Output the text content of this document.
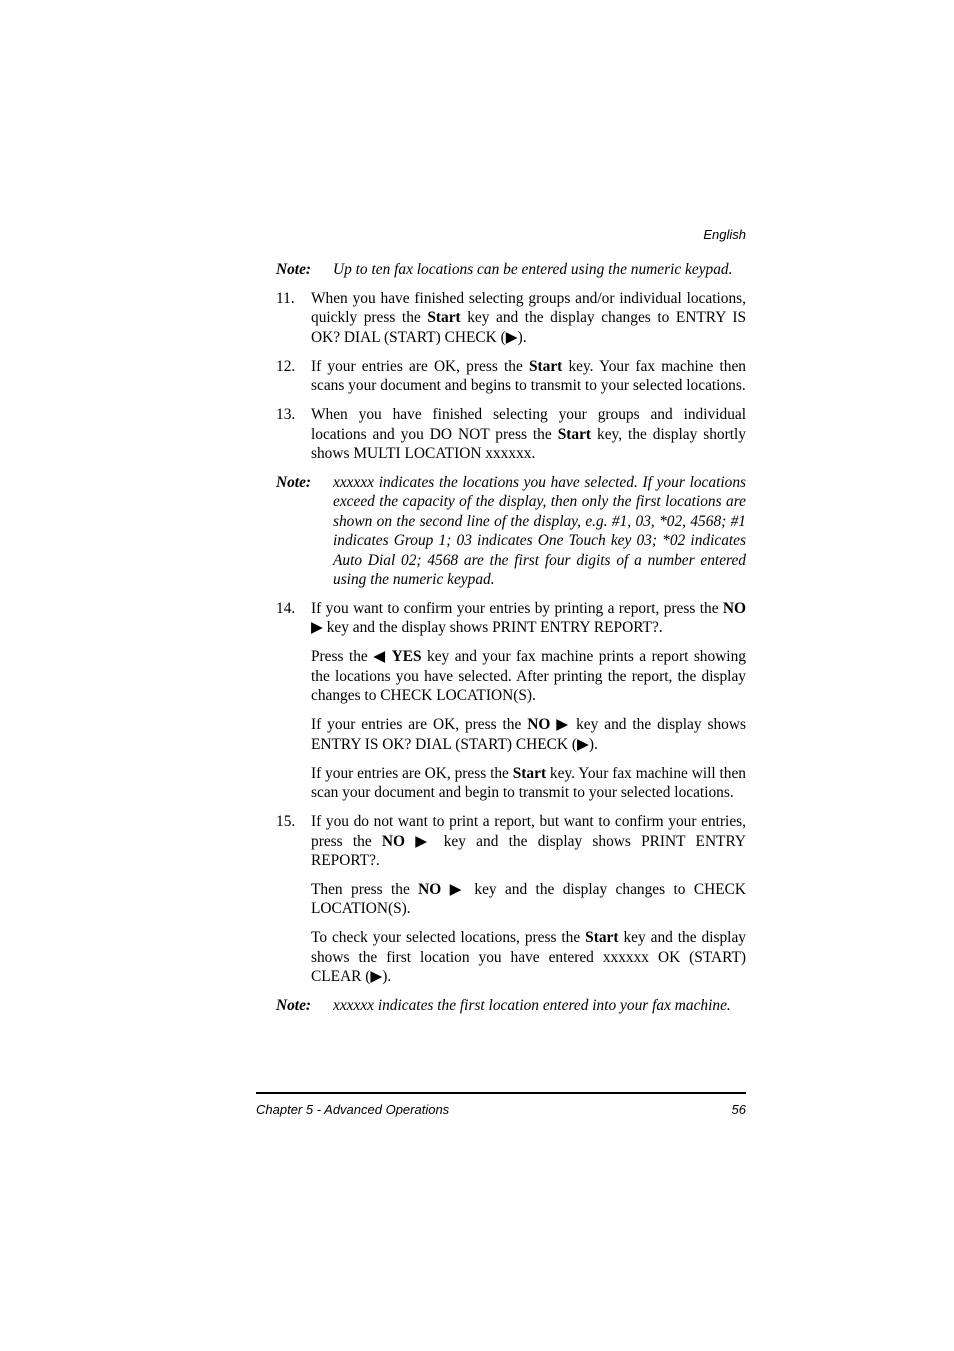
English
Note:	Up to ten fax locations can be entered using the numeric keypad.
11.	When you have finished selecting groups and/or individual locations, quickly press the Start key and the display changes to ENTRY IS OK? DIAL (START) CHECK (▶).

12.	If your entries are OK, press the Start key. Your fax machine then scans your document and begins to transmit to your selected locations.

13.	When you have finished selecting your groups and individual locations and you DO NOT press the Start key, the display shortly shows MULTI LOCATION xxxxxx.

Note:	xxxxxx indicates the locations you have selected. If your locations exceed the capacity of the display, then only the first locations are shown on the second line of the display, e.g. #1, 03, *02, 4568; #1 indicates Group 1; 03 indicates One Touch key 03; *02 indicates Auto Dial 02; 4568 are the first four digits of a number entered using the numeric keypad.
14.	If you want to confirm your entries by printing a report, press the NO ▶ key and the display shows PRINT ENTRY REPORT?.

Press the ◀ YES key and your fax machine prints a report showing the locations you have selected. After printing the report, the display changes to CHECK LOCATION(S).

If your entries are OK, press the NO ▶ key and the display shows ENTRY IS OK? DIAL (START) CHECK (▶).

If your entries are OK, press the Start key. Your fax machine will then scan your document and begin to transmit to your selected locations.

15.	If you do not want to print a report, but want to confirm your entries, press the NO ▶ key and the display shows PRINT ENTRY REPORT?.

Then press the NO ▶ key and the display changes to CHECK LOCATION(S).

To check your selected locations, press the Start key and the display shows the first location you have entered xxxxxx OK (START) CLEAR (▶).

Note:	xxxxxx indicates the first location entered into your fax machine.
Chapter 5 - Advanced Operations	56
